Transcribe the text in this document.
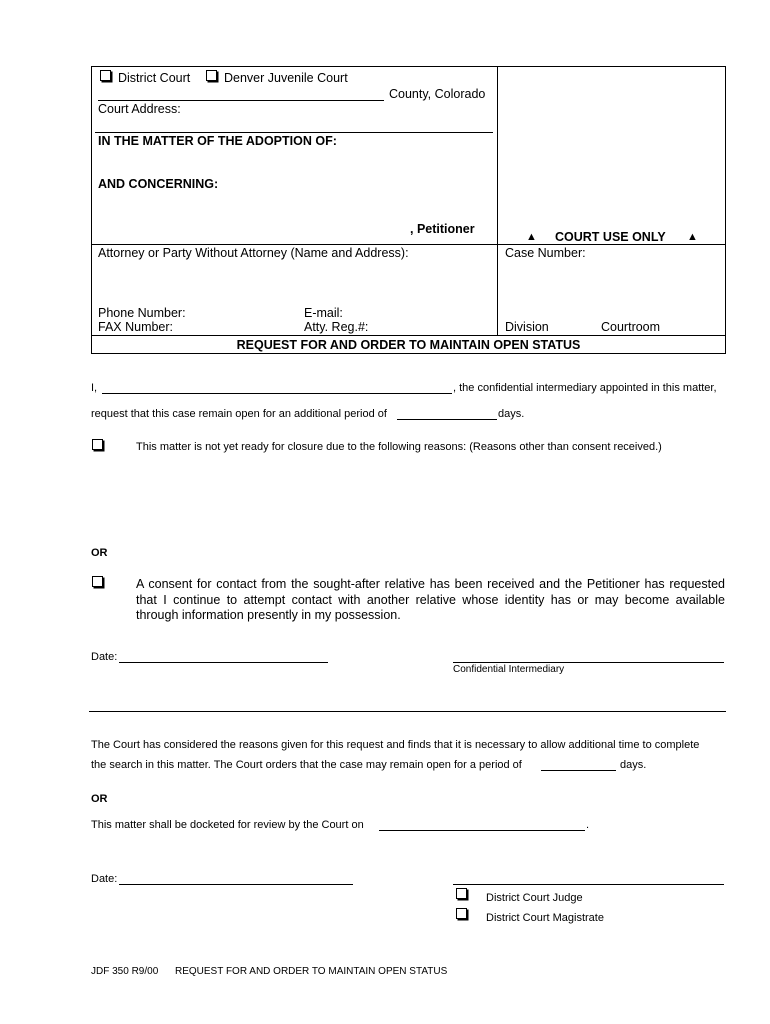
District Court	Denver Juvenile Court
County, Colorado
Court Address:
IN THE MATTER OF THE ADOPTION OF:
AND CONCERNING:
, Petitioner
▲ COURT USE ONLY ▲
Attorney or Party Without Attorney (Name and Address):	Case Number:
Phone Number:	E-mail:
FAX Number:	Atty. Reg.#:	Division	Courtroom
REQUEST FOR AND ORDER TO MAINTAIN OPEN STATUS
I,	, the confidential intermediary appointed in this matter,
request that this case remain open for an additional period of	days.
This matter is not yet ready for closure due to the following reasons: (Reasons other than consent received.)
OR
A consent for contact from the sought-after relative has been received and the Petitioner has requested that I continue to attempt contact with another relative whose identity has or may become available through information presently in my possession.
Date:
Confidential Intermediary
The Court has considered the reasons given for this request and finds that it is necessary to allow additional time to complete
the search in this matter. The Court orders that the case may remain open for a period of	days.
OR
This matter shall be docketed for review by the Court on	.
Date:
District Court Judge
District Court Magistrate
JDF 350 R9/00 REQUEST FOR AND ORDER TO MAINTAIN OPEN STATUS
